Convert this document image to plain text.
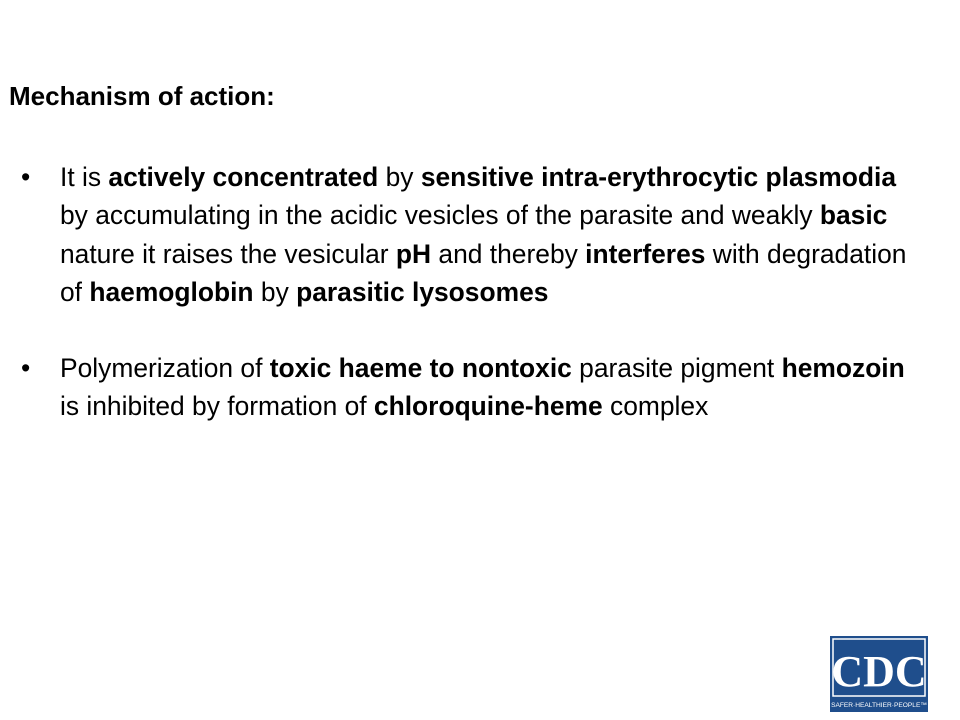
Mechanism of action:
• It is actively concentrated by sensitive intra-erythrocytic plasmodia by accumulating in the acidic vesicles of the parasite and weakly basic nature it raises the vesicular pH and thereby interferes with degradation of haemoglobin by parasitic lysosomes
• Polymerization of toxic haeme to nontoxic parasite pigment hemozoin is inhibited by formation of chloroquine-heme complex
CDC
SAFER·HEALTHIER·PEOPLE™
